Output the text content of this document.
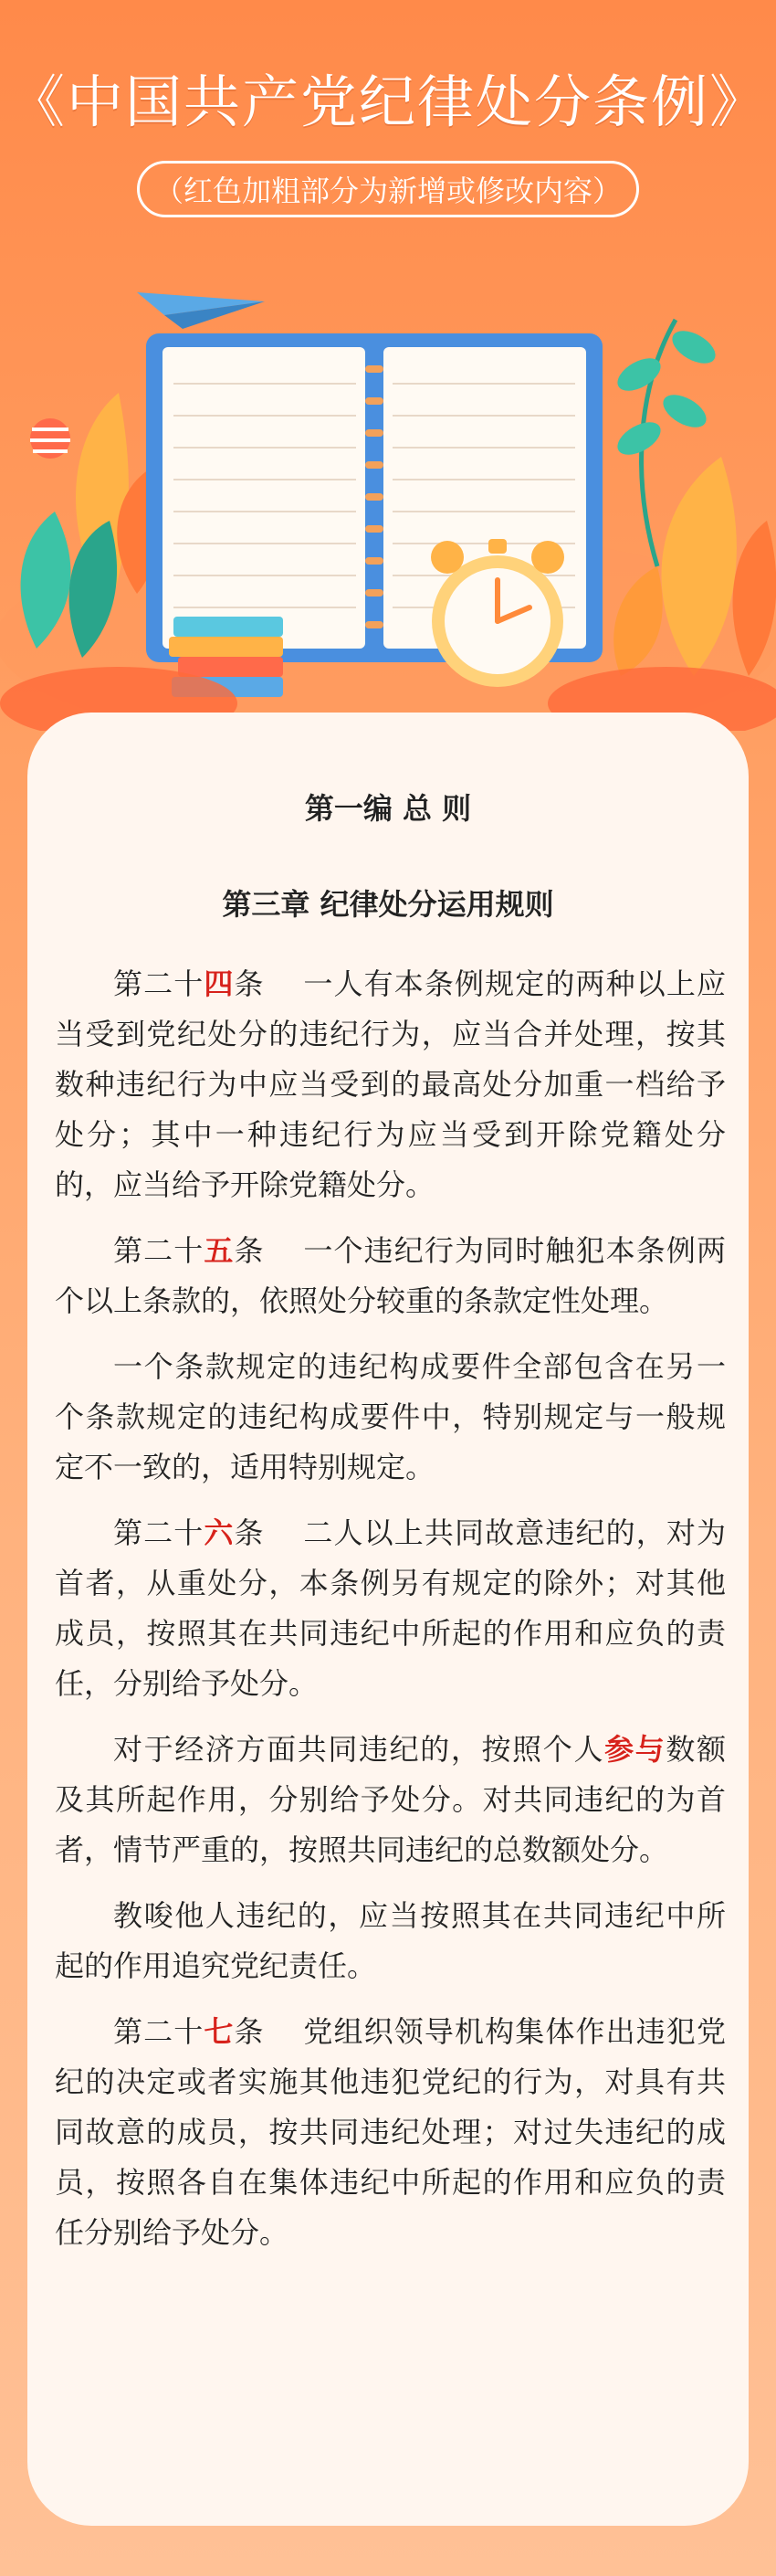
《中国共产党纪律处分条例》
（红色加粗部分为新增或修改内容）
第一编 总 则
第三章 纪律处分运用规则

第二十四条 一人有本条例规定的两种以上应当受到党纪处分的违纪行为，应当合并处理，按其数种违纪行为中应当受到的最高处分加重一档给予处分；其中一种违纪行为应当受到开除党籍处分的，应当给予开除党籍处分。

第二十五条 一个违纪行为同时触犯本条例两个以上条款的，依照处分较重的条款定性处理。

一个条款规定的违纪构成要件全部包含在另一个条款规定的违纪构成要件中，特别规定与一般规定不一致的，适用特别规定。

第二十六条 二人以上共同故意违纪的，对为首者，从重处分，本条例另有规定的除外；对其他成员，按照其在共同违纪中所起的作用和应负的责任，分别给予处分。

对于经济方面共同违纪的，按照个人参与数额及其所起作用，分别给予处分。对共同违纪的为首者，情节严重的，按照共同违纪的总数额处分。

教唆他人违纪的，应当按照其在共同违纪中所起的作用追究党纪责任。

第二十七条 党组织领导机构集体作出违犯党纪的决定或者实施其他违犯党纪的行为，对具有共同故意的成员，按共同违纪处理；对过失违纪的成员，按照各自在集体违纪中所起的作用和应负的责任分别给予处分。
